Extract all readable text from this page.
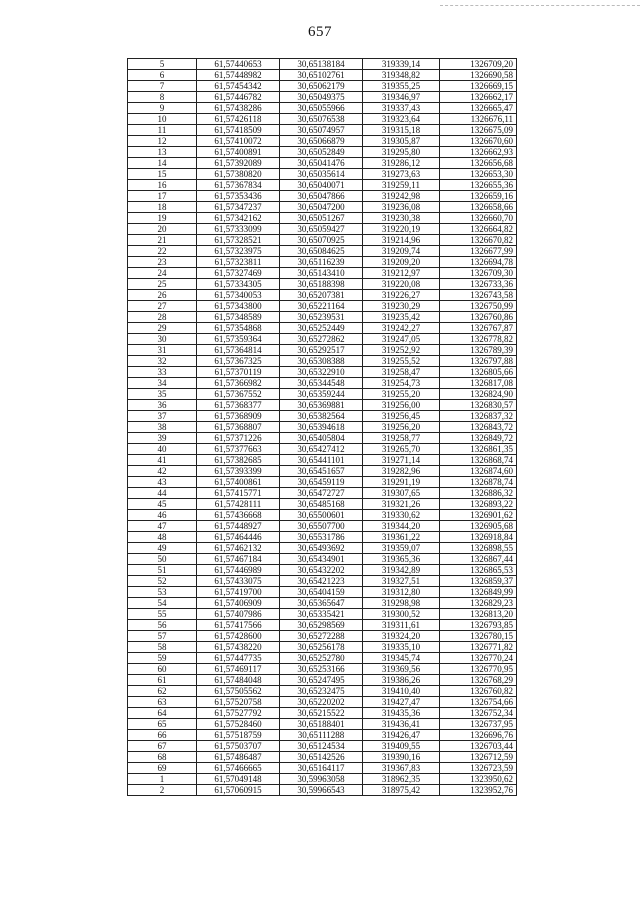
657
5	61,57440653	30,65138184	319339,14	1326709,20
6	61,57448982	30,65102761	319348,82	1326690,58
7	61,57454342	30,65062179	319355,25	1326669,15
8	61,57446782	30,65049375	319346,97	1326662,17
9	61,57438286	30,65055966	319337,43	1326665,47
10	61,57426118	30,65076538	319323,64	1326676,11
11	61,57418509	30,65074957	319315,18	1326675,09
12	61,57410072	30,65066879	319305,87	1326670,60
13	61,57400891	30,65052849	319295,80	1326662,93
14	61,57392089	30,65041476	319286,12	1326656,68
15	61,57380820	30,65035614	319273,63	1326653,30
16	61,57367834	30,65040071	319259,11	1326655,36
17	61,57353436	30,65047866	319242,98	1326659,16
18	61,57347237	30,65047200	319236,08	1326658,66
19	61,57342162	30,65051267	319230,38	1326660,70
20	61,57333099	30,65059427	319220,19	1326664,82
21	61,57328521	30,65070925	319214,96	1326670,82
22	61,57323975	30,65084625	319209,74	1326677,99
23	61,57323811	30,65116239	319209,20	1326694,78
24	61,57327469	30,65143410	319212,97	1326709,30
25	61,57334305	30,65188398	319220,08	1326733,36
26	61,57340053	30,65207381	319226,27	1326743,58
27	61,57343800	30,65221164	319230,29	1326750,99
28	61,57348589	30,65239531	319235,42	1326760,86
29	61,57354868	30,65252449	319242,27	1326767,87
30	61,57359364	30,65272862	319247,05	1326778,82
31	61,57364814	30,65292517	319252,92	1326789,39
32	61,57367325	30,65308388	319255,52	1326797,88
33	61,57370119	30,65322910	319258,47	1326805,66
34	61,57366982	30,65344548	319254,73	1326817,08
35	61,57367552	30,65359244	319255,20	1326824,90
36	61,57368377	30,65369881	319256,00	1326830,57
37	61,57368909	30,65382564	319256,45	1326837,32
38	61,57368807	30,65394618	319256,20	1326843,72
39	61,57371226	30,65405804	319258,77	1326849,72
40	61,57377663	30,65427412	319265,70	1326861,35
41	61,57382685	30,65441101	319271,14	1326868,74
42	61,57393399	30,65451657	319282,96	1326874,60
43	61,57400861	30,65459119	319291,19	1326878,74
44	61,57415771	30,65472727	319307,65	1326886,32
45	61,57428111	30,65485168	319321,26	1326893,22
46	61,57436668	30,65500601	319330,62	1326901,62
47	61,57448927	30,65507700	319344,20	1326905,68
48	61,57464446	30,65531786	319361,22	1326918,84
49	61,57462132	30,65493692	319359,07	1326898,55
50	61,57467184	30,65434901	319365,36	1326867,44
51	61,57446989	30,65432202	319342,89	1326865,53
52	61,57433075	30,65421223	319327,51	1326859,37
53	61,57419700	30,65404159	319312,80	1326849,99
54	61,57406909	30,65365647	319298,98	1326829,23
55	61,57407986	30,65335421	319300,52	1326813,20
56	61,57417566	30,65298569	319311,61	1326793,85
57	61,57428600	30,65272288	319324,20	1326780,15
58	61,57438220	30,65256178	319335,10	1326771,82
59	61,57447735	30,65252780	319345,74	1326770,24
60	61,57469117	30,65253166	319369,56	1326770,95
61	61,57484048	30,65247495	319386,26	1326768,29
62	61,57505562	30,65232475	319410,40	1326760,82
63	61,57520758	30,65220202	319427,47	1326754,66
64	61,57527792	30,65215522	319435,36	1326752,34
65	61,57528460	30,65188401	319436,41	1326737,95
66	61,57518759	30,65111288	319426,47	1326696,76
67	61,57503707	30,65124534	319409,55	1326703,44
68	61,57486487	30,65142526	319390,16	1326712,59
69	61,57466665	30,65164117	319367,83	1326723,59
1	61,57049148	30,59963058	318962,35	1323950,62
2	61,57060915	30,59966543	318975,42	1323952,76
